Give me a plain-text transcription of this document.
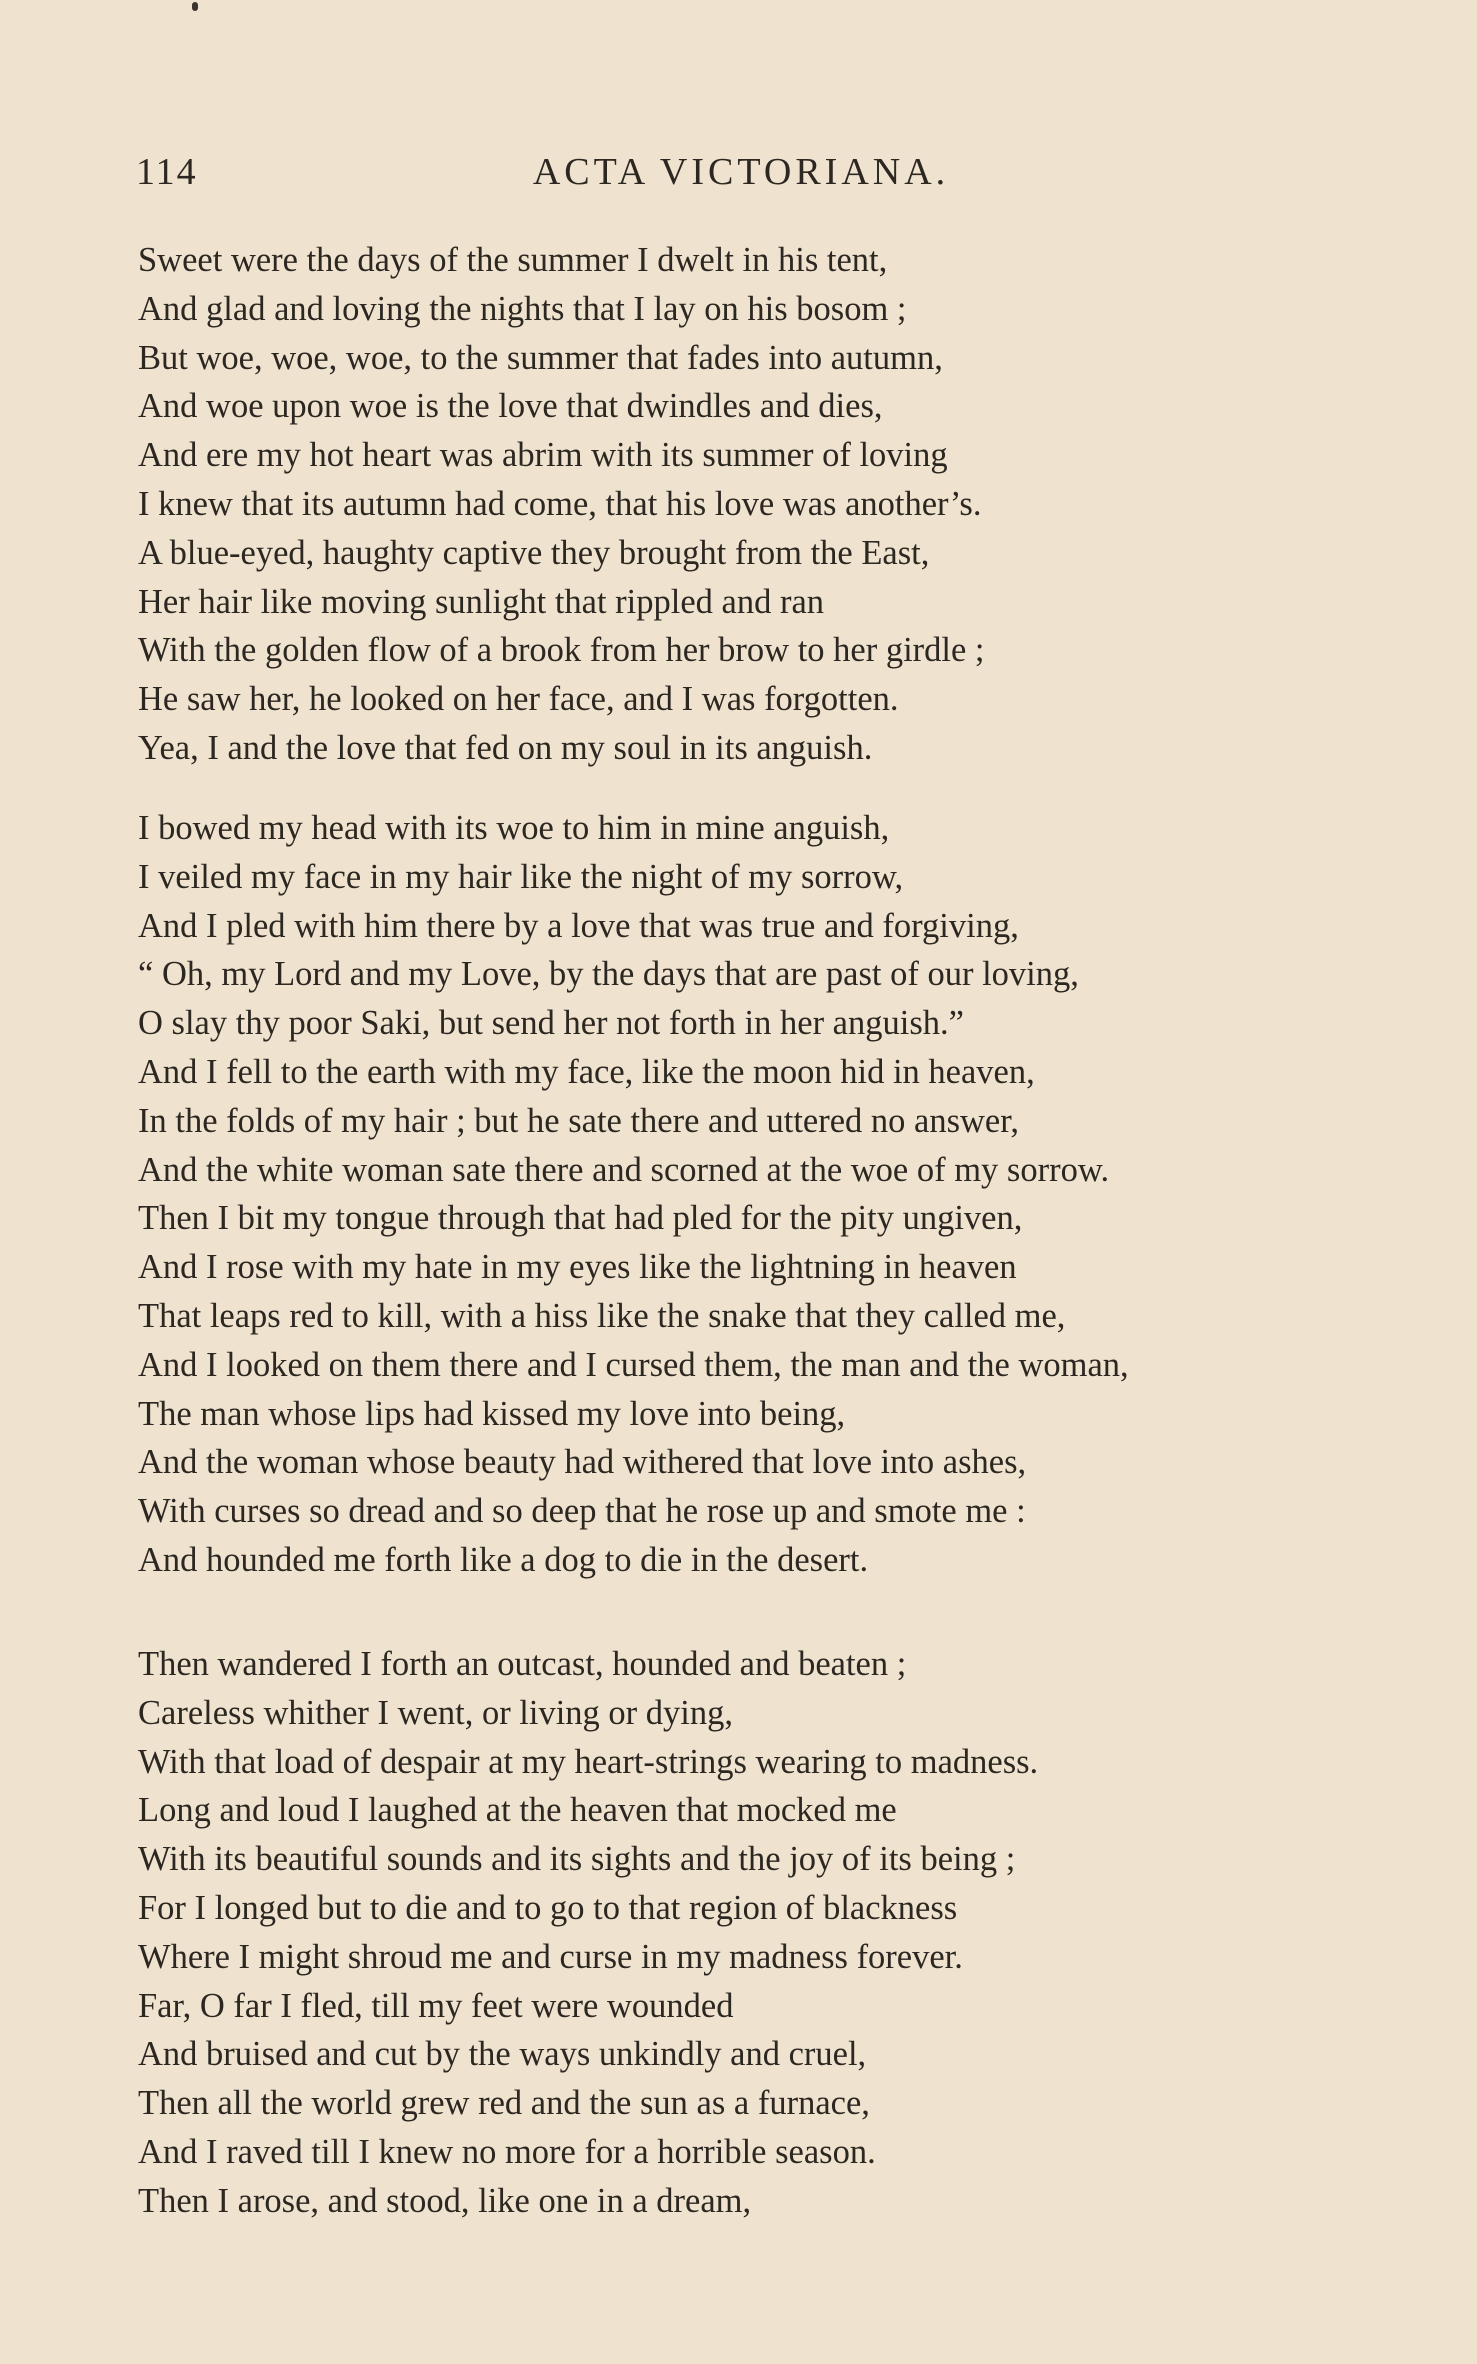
114	ACTA VICTORIANA.
Sweet were the days of the summer I dwelt in his tent,
And glad and loving the nights that I lay on his bosom ;
But woe, woe, woe, to the summer that fades into autumn,
And woe upon woe is the love that dwindles and dies,
And ere my hot heart was abrim with its summer of loving
I knew that its autumn had come, that his love was another’s.
A blue-eyed, haughty captive they brought from the East,
Her hair like moving sunlight that rippled and ran
With the golden flow of a brook from her brow to her girdle ;
He saw her, he looked on her face, and I was forgotten.
Yea, I and the love that fed on my soul in its anguish.
I bowed my head with its woe to him in mine anguish,
I veiled my face in my hair like the night of my sorrow,
And I pled with him there by a love that was true and forgiving,
“ Oh, my Lord and my Love, by the days that are past of our loving,
O slay thy poor Saki, but send her not forth in her anguish.”
And I fell to the earth with my face, like the moon hid in heaven,
In the folds of my hair ; but he sate there and uttered no answer,
And the white woman sate there and scorned at the woe of my sorrow.
Then I bit my tongue through that had pled for the pity ungiven,
And I rose with my hate in my eyes like the lightning in heaven
That leaps red to kill, with a hiss like the snake that they called me,
And I looked on them there and I cursed them, the man and the woman,
The man whose lips had kissed my love into being,
And the woman whose beauty had withered that love into ashes,
With curses so dread and so deep that he rose up and smote me :
And hounded me forth like a dog to die in the desert.
Then wandered I forth an outcast, hounded and beaten ;
Careless whither I went, or living or dying,
With that load of despair at my heart-strings wearing to madness.
Long and loud I laughed at the heaven that mocked me
With its beautiful sounds and its sights and the joy of its being ;
For I longed but to die and to go to that region of blackness
Where I might shroud me and curse in my madness forever.
Far, O far I fled, till my feet were wounded
And bruised and cut by the ways unkindly and cruel,
Then all the world grew red and the sun as a furnace,
And I raved till I knew no more for a horrible season.
Then I arose, and stood, like one in a dream,
